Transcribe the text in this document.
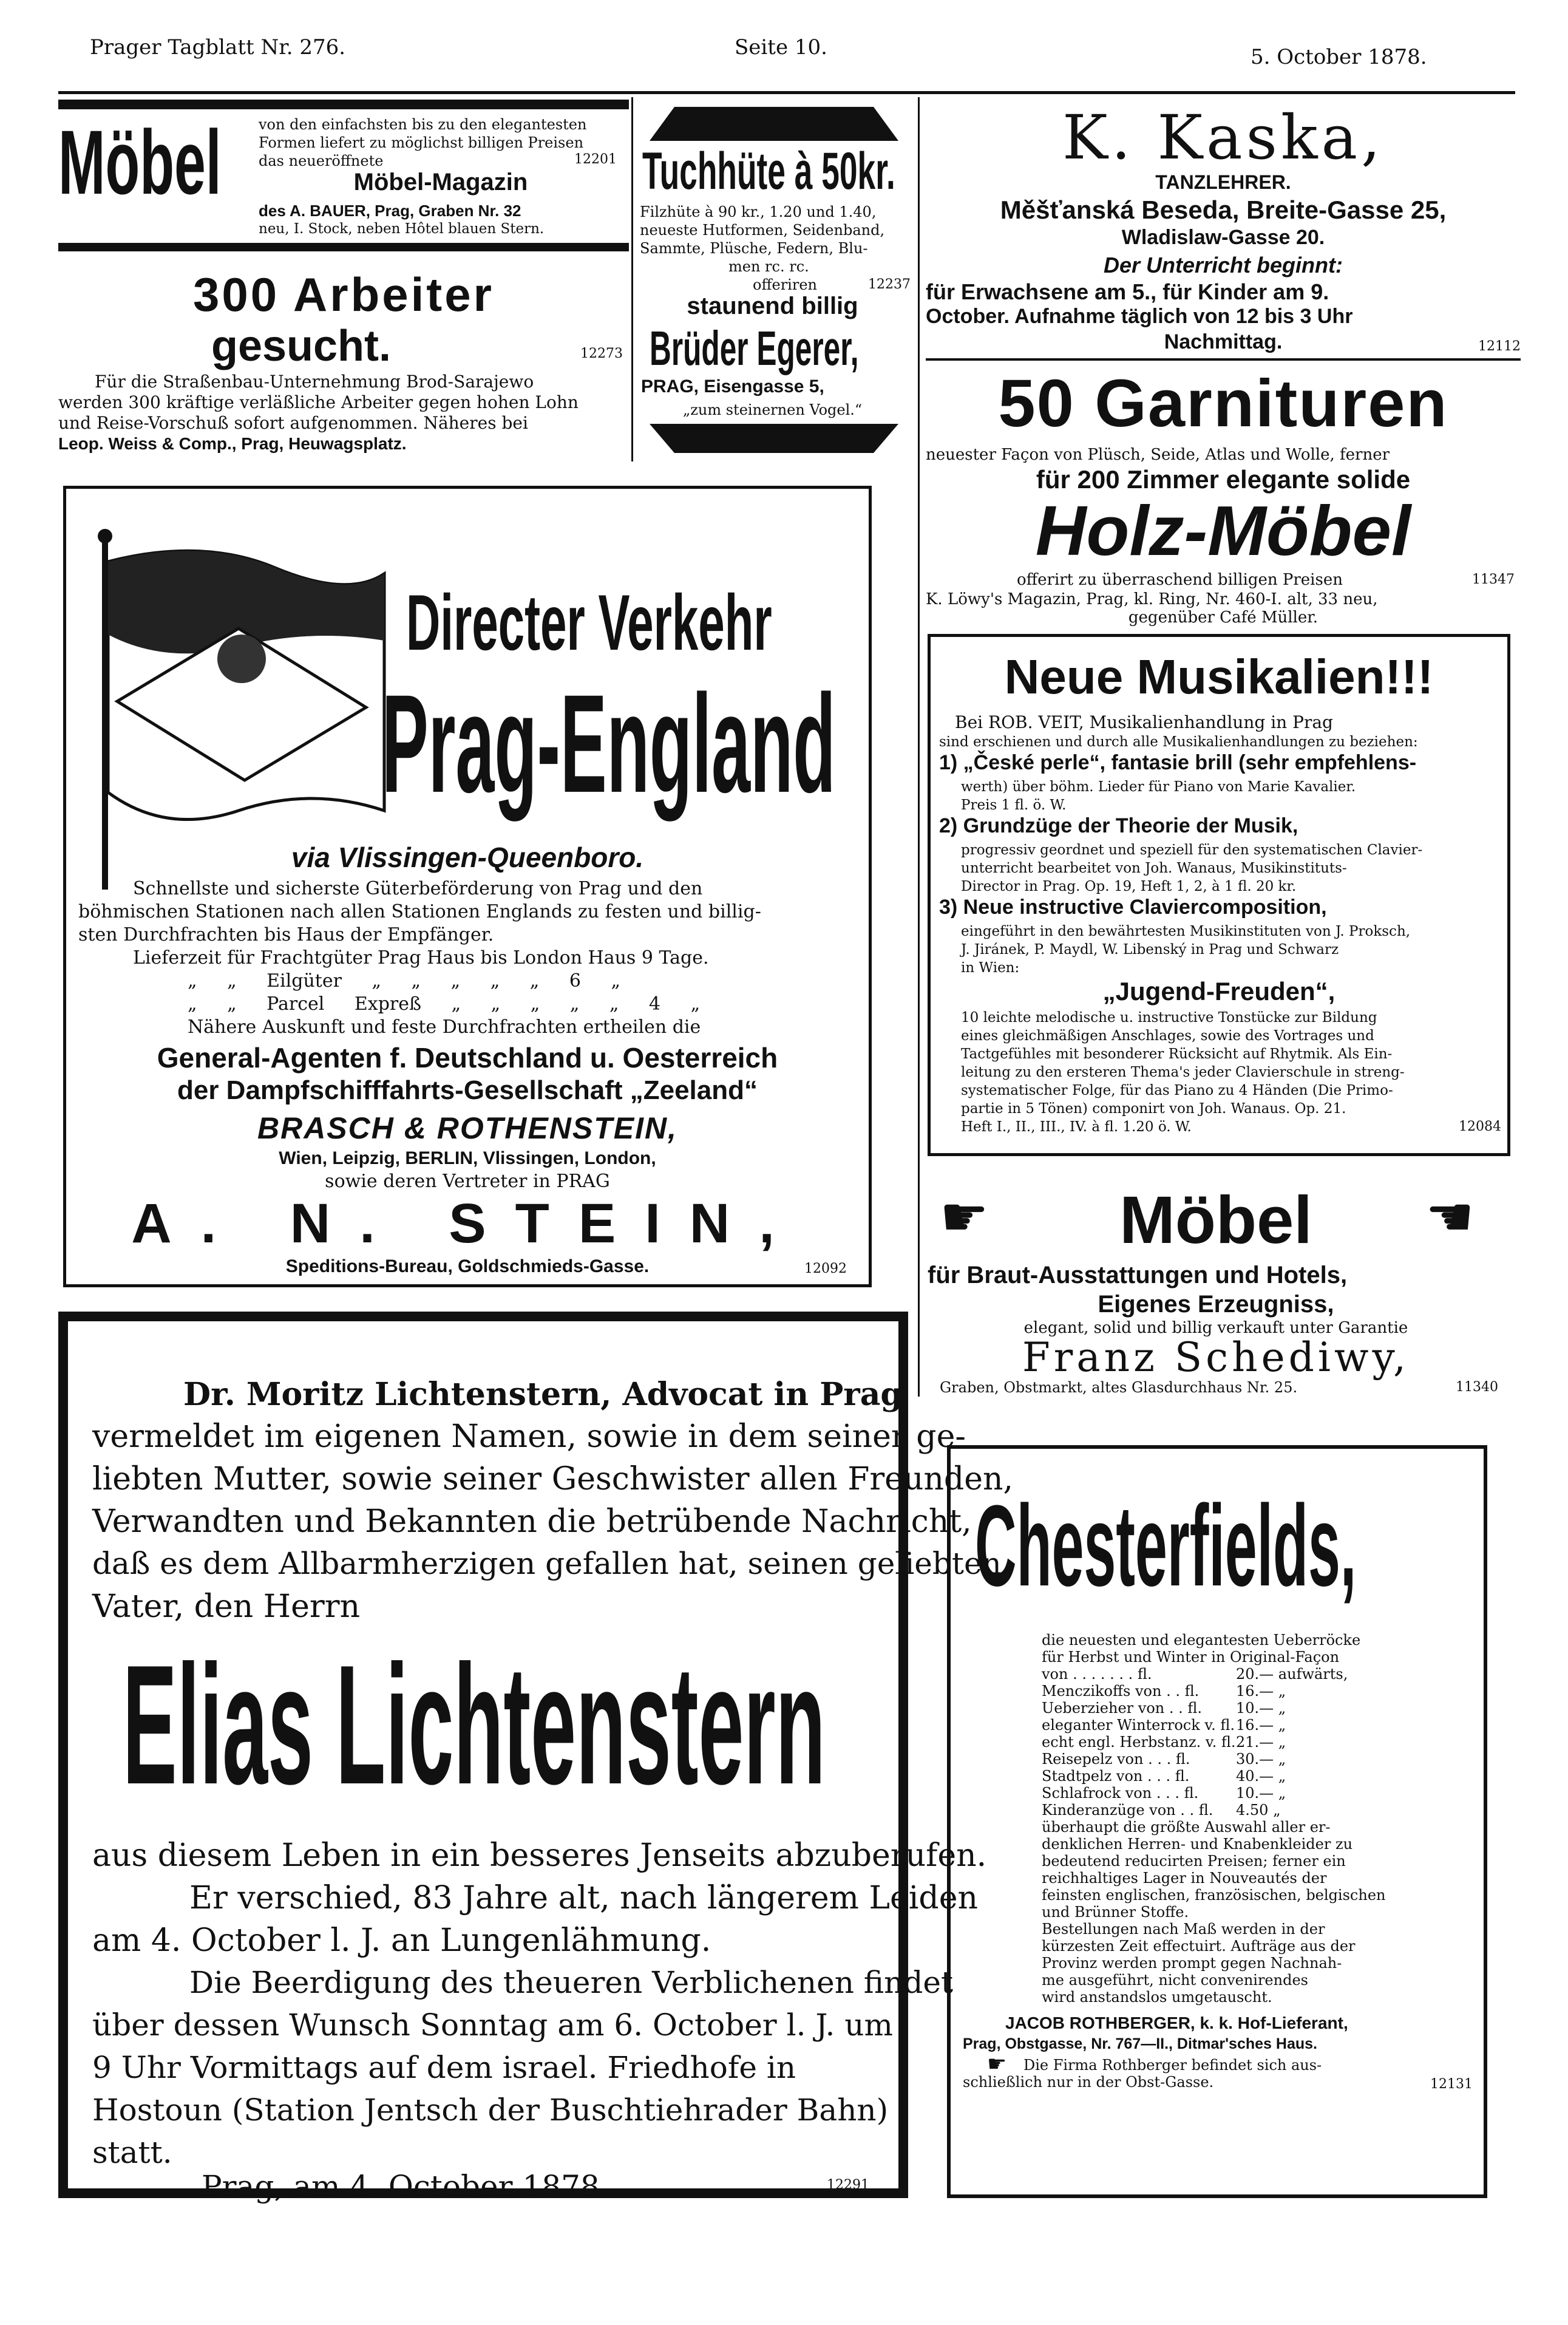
Prager Tagblatt Nr. 276.	Seite 10.	5. October 1878.
Möbel	von den einfachsten bis zu den elegantesten
Formen liefert zu möglichst billigen Preisen
das neueröffnete	12201
Möbel-Magazin
des A. BAUER, Prag, Graben Nr. 32
neu, I. Stock, neben Hôtel blauen Stern.
300 Arbeiter
gesucht.	12273
Für die Straßenbau-Unternehmung Brod-Sarajewo
werden 300 kräftige verläßliche Arbeiter gegen hohen Lohn
und Reise-Vorschuß sofort aufgenommen. Näheres bei
Leop. Weiss & Comp., Prag, Heuwagsplatz.
Tuchhüte à 50kr.
Filzhüte à 90 kr., 1.20 und 1.40,
neueste Hutformen, Seidenband,
Sammte, Plüsche, Federn, Blu-
men rc. rc.
offeriren	12237
staunend billig
Brüder Egerer,
PRAG, Eisengasse 5,
„zum steinernen Vogel.“
K. Kaska,
TANZLEHRER.
Měšťanská Beseda, Breite-Gasse 25,
Wladislaw-Gasse 20.
Der Unterricht beginnt:
für Erwachsene am 5., für Kinder am 9.
October. Aufnahme täglich von 12 bis 3 Uhr
Nachmittag.	12112
50 Garnituren
neuester Façon von Plüsch, Seide, Atlas und Wolle, ferner
für 200 Zimmer elegante solide
Holz-Möbel
offerirt zu überraschend billigen Preisen	11347
K. Löwy's Magazin, Prag, kl. Ring, Nr. 460-I. alt, 33 neu,
gegenüber Café Müller.
Directer Verkehr
Prag-England
via Vlissingen-Queenboro.
Schnellste und sicherste Güterbeförderung von Prag und den
böhmischen Stationen nach allen Stationen Englands zu festen und billig-
sten Durchfrachten bis Haus der Empfänger.
Lieferzeit für Frachtgüter Prag Haus bis London Haus 9 Tage.
„ „ Eilgüter „ „ „ „ „ 6 „
„ „ Parcel Expreß „ „ „ „ „ 4 „
Nähere Auskunft und feste Durchfrachten ertheilen die
General-Agenten f. Deutschland u. Oesterreich
der Dampfschifffahrts-Gesellschaft „Zeeland“
BRASCH & ROTHENSTEIN,
Wien, Leipzig, BERLIN, Vlissingen, London,
sowie deren Vertreter in PRAG
A. N. STEIN,
Speditions-Bureau, Goldschmieds-Gasse.	12092
Neue Musikalien!!!
Bei ROB. VEIT, Musikalienhandlung in Prag
sind erschienen und durch alle Musikalienhandlungen zu beziehen:
1) „České perle“, fantasie brill (sehr empfehlens-
werth) über böhm. Lieder für Piano von Marie Kavalier.
Preis 1 fl. ö. W.
2) Grundzüge der Theorie der Musik,
progressiv geordnet und speziell für den systematischen Clavier-
unterricht bearbeitet von Joh. Wanaus, Musikinstituts-
Director in Prag. Op. 19, Heft 1, 2, à 1 fl. 20 kr.
3) Neue instructive Claviercomposition,
eingeführt in den bewährtesten Musikinstituten von J. Proksch,
J. Jiránek, P. Maydl, W. Libenský in Prag und Schwarz
in Wien:
„Jugend-Freuden“,
10 leichte melodische u. instructive Tonstücke zur Bildung
eines gleichmäßigen Anschlages, sowie des Vortrages und
Tactgefühles mit besonderer Rücksicht auf Rhytmik. Als Ein-
leitung zu den ersteren Thema's jeder Clavierschule in streng-
systematischer Folge, für das Piano zu 4 Händen (Die Primo-
partie in 5 Tönen) componirt von Joh. Wanaus. Op. 21.
Heft I., II., III., IV. à fl. 1.20 ö. W.	12084
☛	Möbel	☛
für Braut-Ausstattungen und Hotels,
Eigenes Erzeugniss,
elegant, solid und billig verkauft unter Garantie
Franz Schediwy,
Graben, Obstmarkt, altes Glasdurchhaus Nr. 25.	11340
Dr. Moritz Lichtenstern, Advocat in Prag
vermeldet im eigenen Namen, sowie in dem seiner ge-
liebten Mutter, sowie seiner Geschwister allen Freunden,
Verwandten und Bekannten die betrübende Nachricht,
daß es dem Allbarmherzigen gefallen hat, seinen geliebten
Vater, den Herrn
Elias Lichtenstern
aus diesem Leben in ein besseres Jenseits abzuberufen.
Er verschied, 83 Jahre alt, nach längerem Leiden
am 4. October l. J. an Lungenlähmung.
Die Beerdigung des theueren Verblichenen findet
über dessen Wunsch Sonntag am 6. October l. J. um
9 Uhr Vormittags auf dem israel. Friedhofe in
Hostoun (Station Jentsch der Buschtiehrader Bahn)
statt.
Prag, am 4. October 1878	12291
Chesterfields,
die neuesten und elegantesten Ueberröcke
für Herbst und Winter in Original-Façon
von . . . . . . . fl.	20.— aufwärts,
Menczikoffs von . . fl.	16.— „
Ueberzieher von . . fl. 10.— „
eleganter Winterrock v. fl. 16.— „
echt engl. Herbstanz. v. fl. 21.— „
Reisepelz von . . . fl.	30.— „
Stadtpelz von . . . fl.	40.— „
Schlafrock von . . . fl.	10.— „
Kinderanzüge von . . fl. 4.50 „
überhaupt die größte Auswahl aller er-
denklichen Herren- und Knabenkleider zu
bedeutend reducirten Preisen; ferner ein
reichhaltiges Lager in Nouveautés der
feinsten englischen, französischen, belgischen
und Brünner Stoffe.
Bestellungen nach Maß werden in der
kürzesten Zeit effectuirt. Aufträge aus der
Provinz werden prompt gegen Nachnah-
me ausgeführt, nicht convenirendes
wird anstandslos umgetauscht.
JACOB ROTHBERGER, k. k. Hof-Lieferant,
Prag, Obstgasse, Nr. 767—II., Ditmar'sches Haus.
☛ Die Firma Rothberger befindet sich aus-
schließlich nur in der Obst-Gasse.	12131
